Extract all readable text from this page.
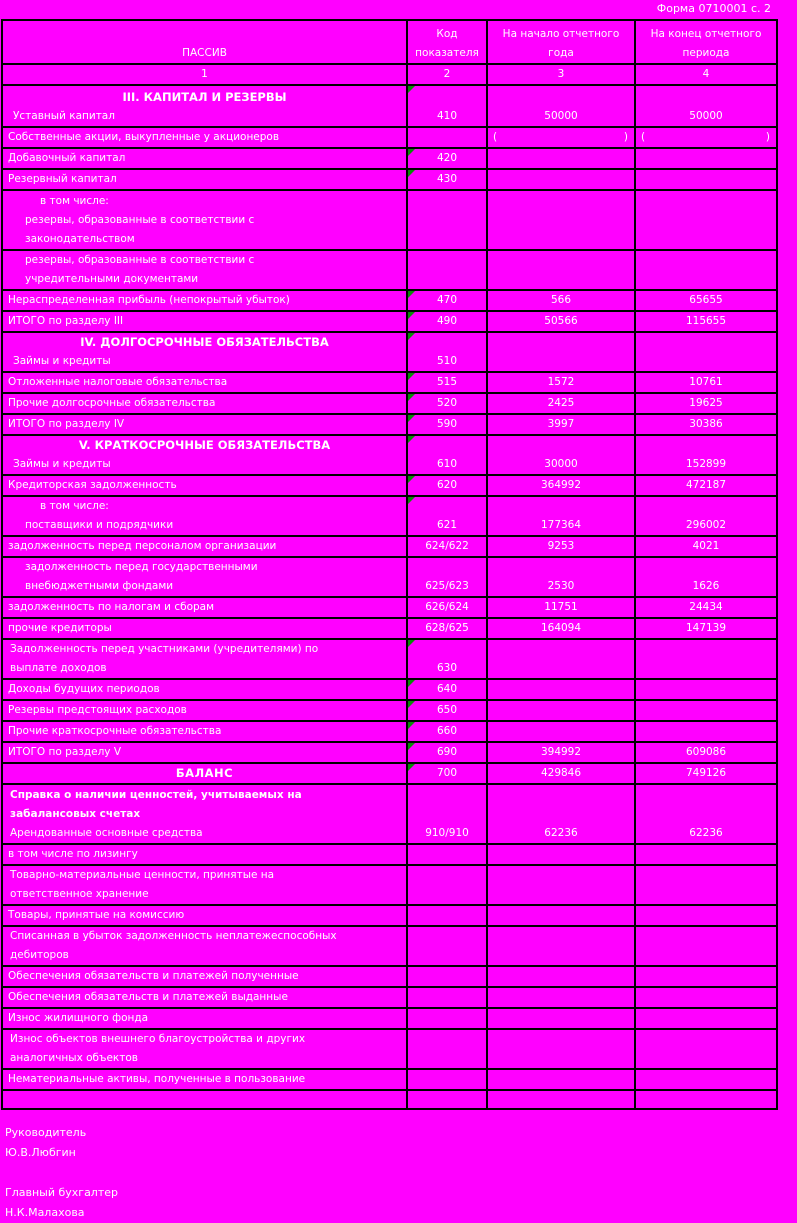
Форма 0710001 с. 2
ПАССИВ	Код показателя	На начало отчетного года	На конец отчетного периода
1	2	3	4

III. КАПИТАЛ И РЕЗЕРВЫ
Уставный капитал	410	50000	50000
Собственные акции, выкупленные у акционеров		( )	( )

Добавочный капитал	420		
Резервный капитал	430		

в том числе:
резервы, образованные в соответствии с
законодательством			

резервы, образованные в соответствии с
учредительными документами			

Нераспределенная прибыль (непокрытый убыток)	470	566	65655
ИТОГО по разделу III	490	50566	115655

IV. ДОЛГОСРОЧНЫЕ ОБЯЗАТЕЛЬСТВА
Займы и кредиты	510		
Отложенные налоговые обязательства	515	1572	10761
Прочие долгосрочные обязательства	520	2425	19625
ИТОГО по разделу IV	590	3997	30386

V. КРАТКОСРОЧНЫЕ ОБЯЗАТЕЛЬСТВА
Займы и кредиты	610	30000	152899
Кредиторская задолженность	620	364992	472187

в том числе:
поставщики и подрядчики	621	177364	296002
задолженность перед персоналом организации	624/622	9253	4021

задолженность перед государственными
внебюджетными фондами	625/623	2530	1626
задолженность по налогам и сборам	626/624	11751	24434
прочие кредиторы	628/625	164094	147139

Задолженность перед участниками (учредителями) по
выплате доходов	630		
Доходы будущих периодов	640		
Резервы предстоящих расходов	650		
Прочие краткосрочные обязательства	660		
ИТОГО по разделу V	690	394992	609086
БАЛАНС	700	429846	749126

Справка о наличии ценностей, учитываемых на
забалансовых счетах
Арендованные основные средства	910/910	62236	62236
в том числе по лизингу			

Товарно-материальные ценности, принятые на
ответственное хранение			

Товары, принятые на комиссию			

Списанная в убыток задолженность неплатежеспособных
дебиторов			

Обеспечения обязательств и платежей полученные			
Обеспечения обязательств и платежей выданные			
Износ жилищного фонда			

Износ объектов внешнего благоустройства и других
аналогичных объектов			

Нематериальные активы, полученные в пользование			

Руководитель
Ю.В.Любгин
Главный бухгалтер
Н.К.Малахова
